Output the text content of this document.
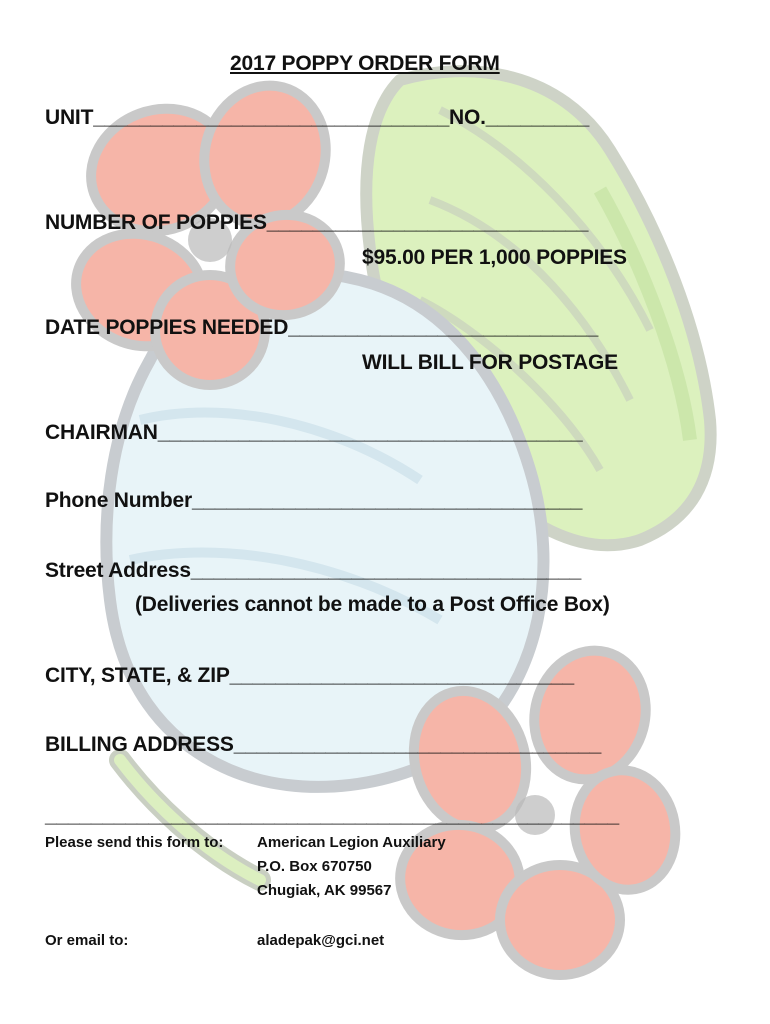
2017 POPPY ORDER FORM
UNIT_______________________________NO._________
NUMBER OF POPPIES____________________________
$95.00 PER 1,000 POPPIES
DATE POPPIES NEEDED___________________________
WILL BILL FOR POSTAGE
CHAIRMAN_____________________________________
Phone Number__________________________________
Street Address__________________________________
(Deliveries cannot be made to a Post Office Box)
CITY, STATE, & ZIP______________________________
BILLING ADDRESS________________________________
__________________________________________________
Please send this form to: American Legion Auxiliary
P.O. Box 670750
Chugiak, AK 99567
Or email to:	aladepak@gci.net
